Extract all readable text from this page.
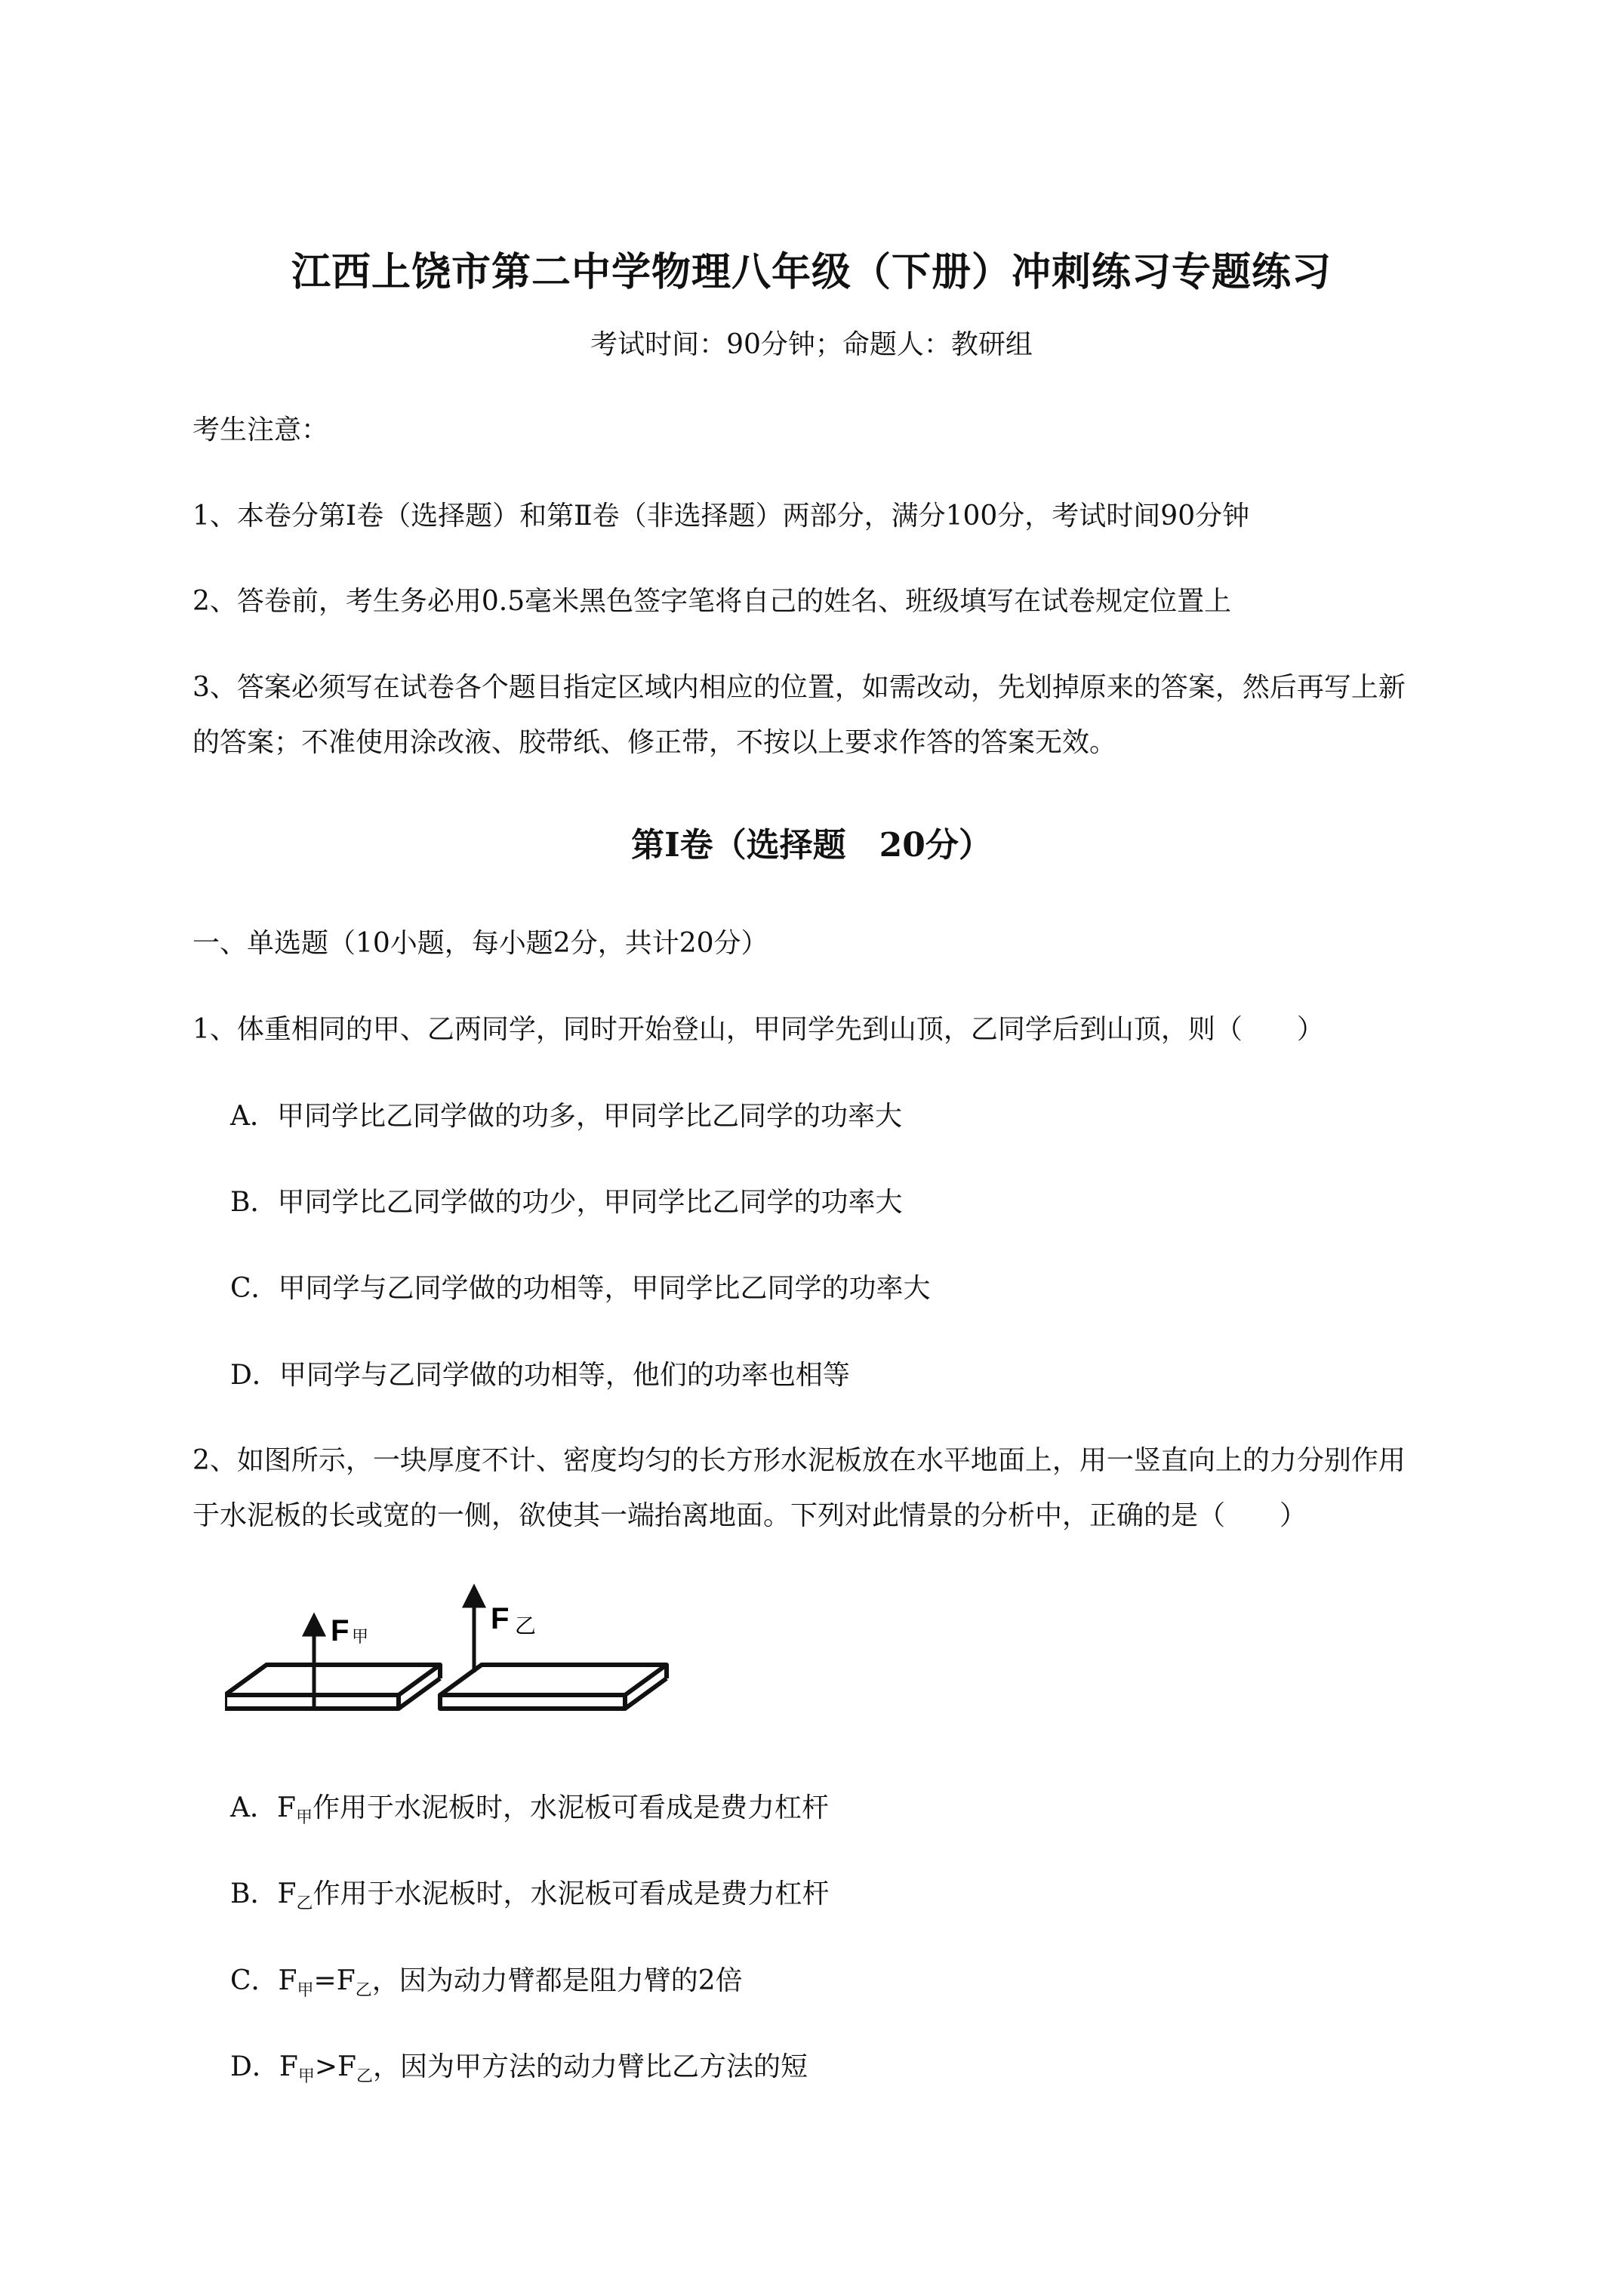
江西上饶市第二中学物理八年级（下册）冲刺练习专题练习
考试时间：90分钟；命题人：教研组
考生注意：
1、本卷分第Ⅰ卷（选择题）和第Ⅱ卷（非选择题）两部分，满分100分，考试时间90分钟
2、答卷前，考生务必用0.5毫米黑色签字笔将自己的姓名、班级填写在试卷规定位置上
3、答案必须写在试卷各个题目指定区域内相应的位置，如需改动，先划掉原来的答案，然后再写上新
的答案；不准使用涂改液、胶带纸、修正带，不按以上要求作答的答案无效。
第Ⅰ卷（选择题　20分）
一、单选题（10小题，每小题2分，共计20分）
1、体重相同的甲、乙两同学，同时开始登山，甲同学先到山顶，乙同学后到山顶，则（　　）
A．甲同学比乙同学做的功多，甲同学比乙同学的功率大
B．甲同学比乙同学做的功少，甲同学比乙同学的功率大
C．甲同学与乙同学做的功相等，甲同学比乙同学的功率大
D．甲同学与乙同学做的功相等，他们的功率也相等
2、如图所示，一块厚度不计、密度均匀的长方形水泥板放在水平地面上，用一竖直向上的力分别作用
于水泥板的长或宽的一侧，欲使其一端抬离地面。下列对此情景的分析中，正确的是（　　）
F 甲
F 乙
A．$F_甲$作用于水泥板时，水泥板可看成是费力杠杆
B．$F_乙$作用于水泥板时，水泥板可看成是费力杠杆
C．$F_甲=F_乙$，因为动力臂都是阻力臂的2倍
D．$F_甲>F_乙$，因为甲方法的动力臂比乙方法的短
